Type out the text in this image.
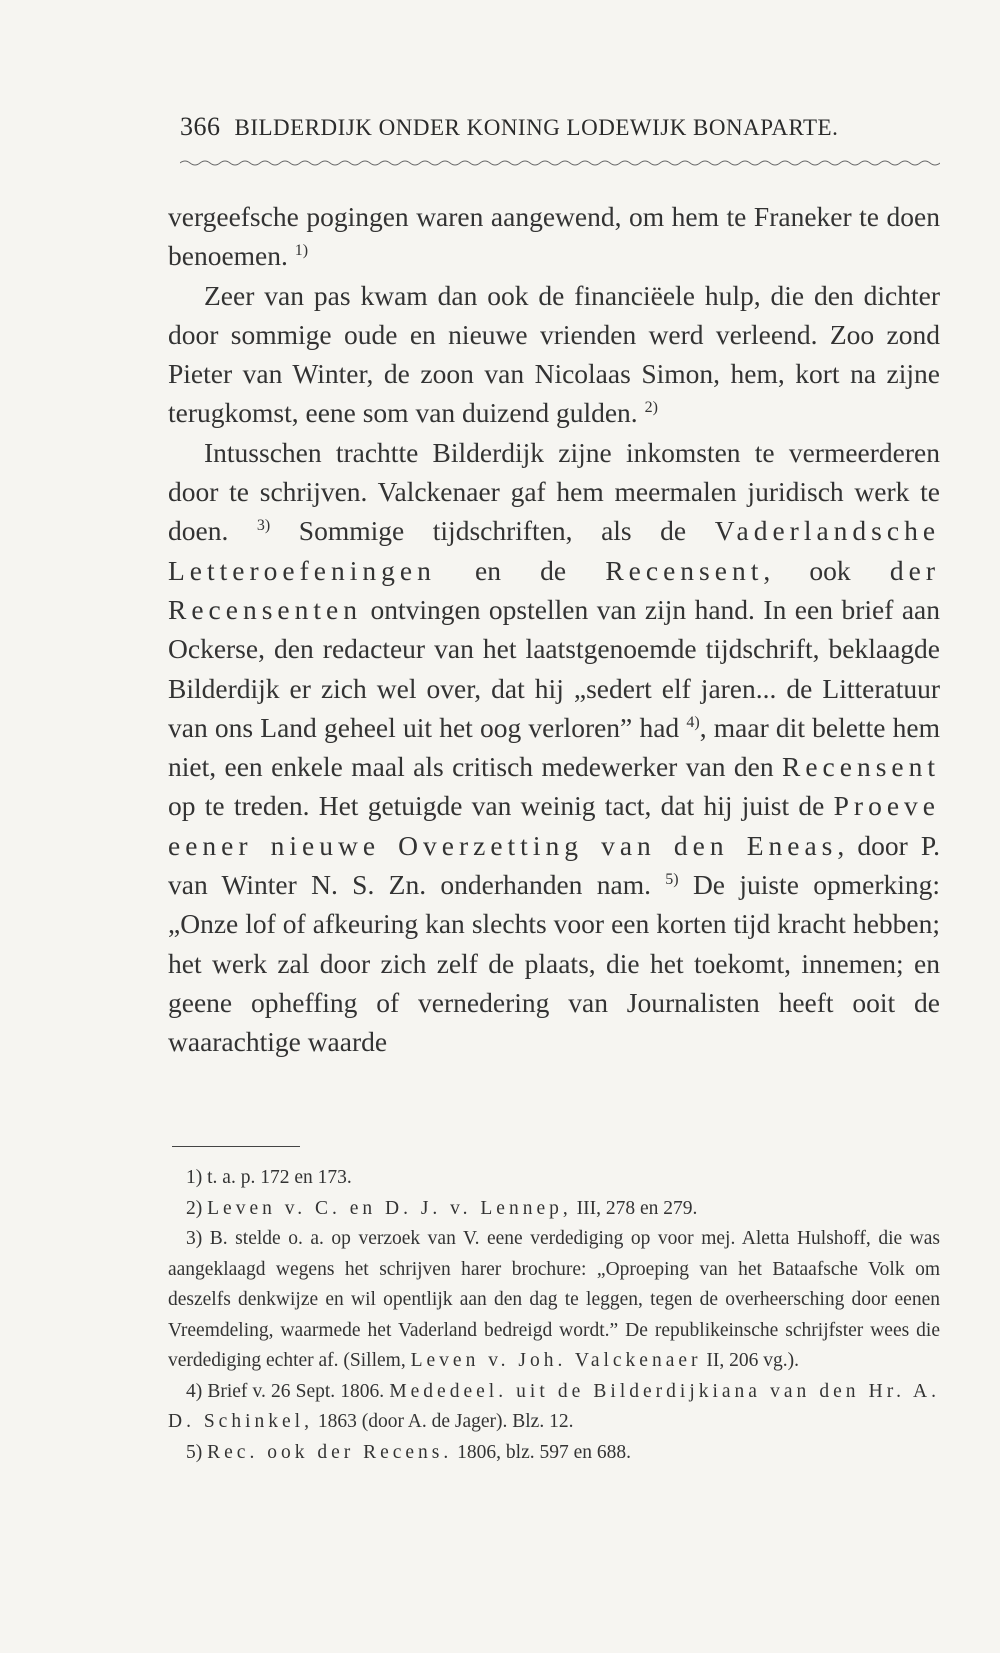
366 BILDERDIJK ONDER KONING LODEWIJK BONAPARTE.

vergeefsche pogingen waren aangewend, om hem te Franeker te doen benoemen. $^{1)}$

Zeer van pas kwam dan ook de financiëele hulp, die den dichter door sommige oude en nieuwe vrienden werd verleend. Zoo zond Pieter van Winter, de zoon van Nicolaas Simon, hem, kort na zijne terugkomst, eene som van duizend gulden. $^{2)}$

Intusschen trachtte Bilderdijk zijne inkomsten te vermeerderen door te schrijven. Valckenaer gaf hem meermalen juridisch werk te doen. $^{3)}$ Sommige tijdschriften, als de Vaderlandsche Letteroefeningen en de Recensent, ook der Recensenten ontvingen opstellen van zijn hand. In een brief aan Ockerse, den redacteur van het laatstgenoemde tijdschrift, beklaagde Bilderdijk er zich wel over, dat hij „sedert elf jaren... de Litteratuur van ons Land geheel uit het oog verloren” had $^{4)}$, maar dit belette hem niet, een enkele maal als critisch medewerker van den Recensent op te treden. Het getuigde van weinig tact, dat hij juist de Proeve eener nieuwe Overzetting van den Eneas, door P. van Winter N. S. Zn. onderhanden nam. $^{5)}$ De juiste opmerking: „Onze lof of afkeuring kan slechts voor een korten tijd kracht hebben; het werk zal door zich zelf de plaats, die het toekomt, innemen; en geene opheffing of vernedering van Journalisten heeft ooit de waarachtige waarde

1) t. a. p. 172 en 173.

2) Leven v. C. en D. J. v. Lennep, III, 278 en 279.

3) B. stelde o. a. op verzoek van V. eene verdediging op voor mej. Aletta Hulshoff, die was aangeklaagd wegens het schrijven harer brochure: „Oproeping van het Bataafsche Volk om deszelfs denkwijze en wil opentlijk aan den dag te leggen, tegen de overheersching door eenen Vreemdeling, waarmede het Vaderland bedreigd wordt.” De republikeinsche schrijfster wees die verdediging echter af. (Sillem, Leven v. Joh. Valckenaer II, 206 vg.).

4) Brief v. 26 Sept. 1806. Mededeel. uit de Bilderdijkiana van den Hr. A. D. Schinkel, 1863 (door A. de Jager). Blz. 12.

5) Rec. ook der Recens. 1806, blz. 597 en 688.
